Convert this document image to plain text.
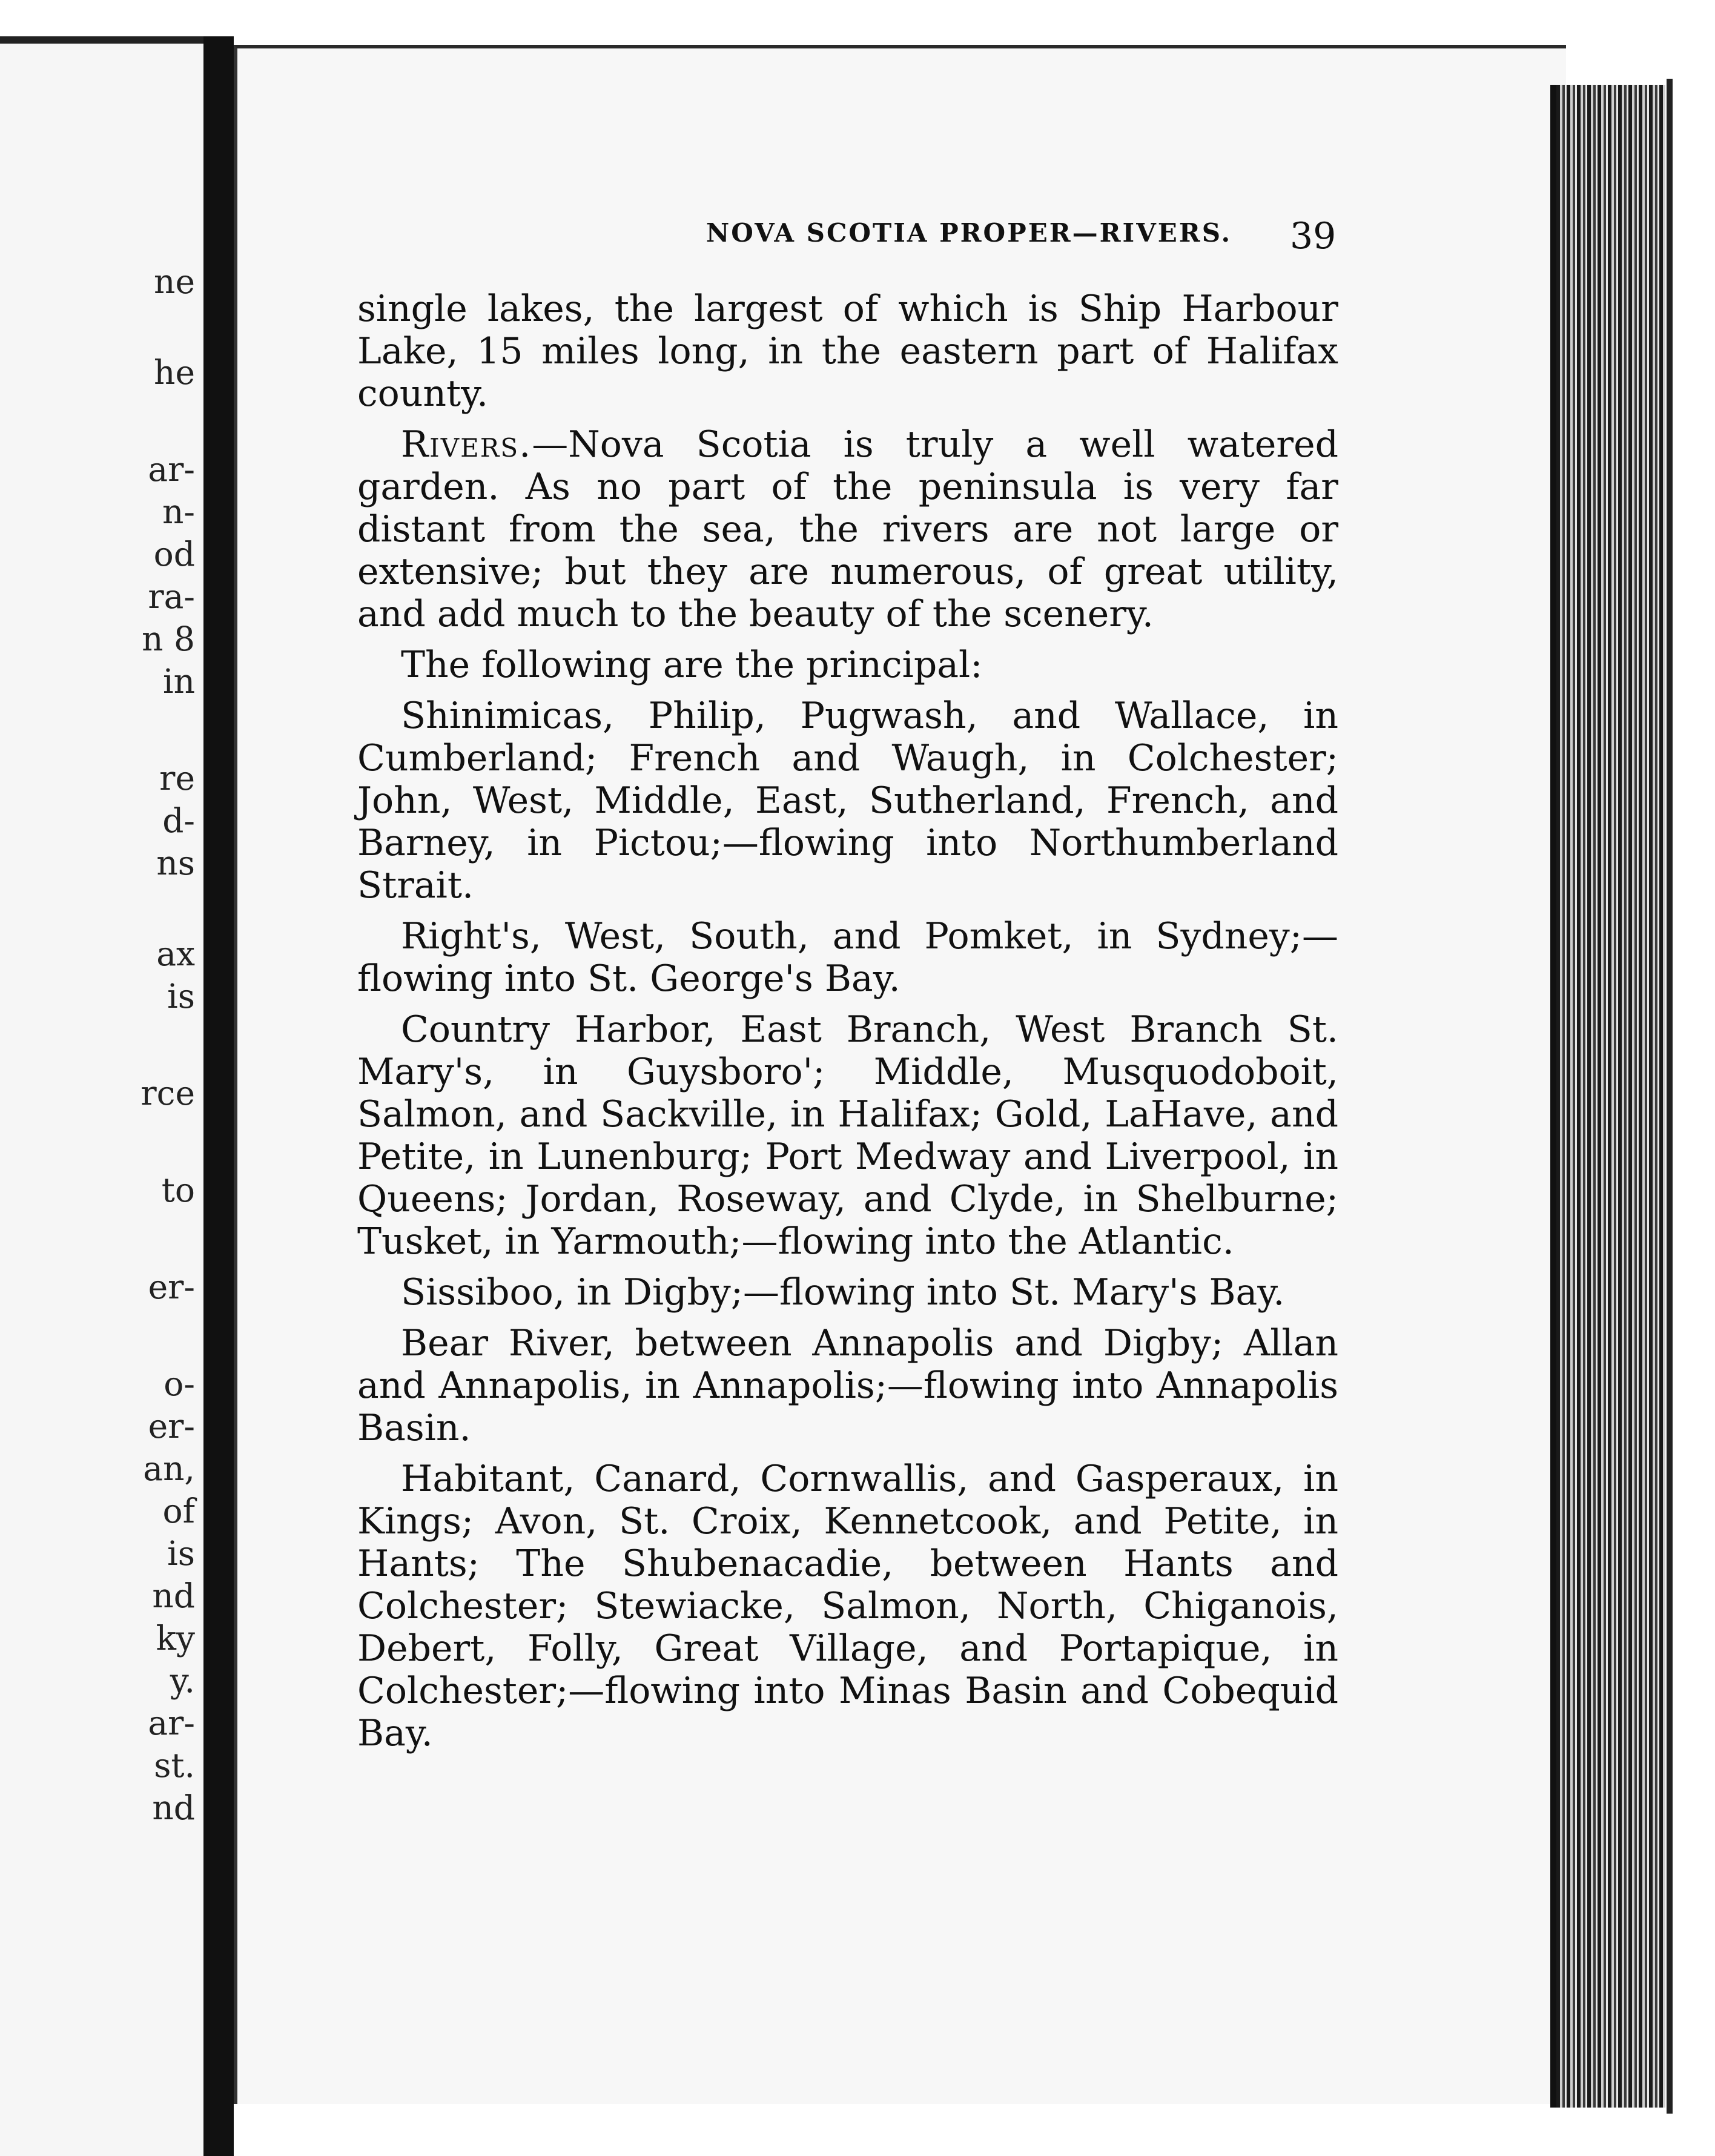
ne
he
ar-
n-
od
ra-
n 8
in
re
d-
ns
ax
is
rce
to
er-
o-
er-
an,
of
is
nd
ky
y.
ar-
st.
nd
NOVA SCOTIA PROPER—RIVERS.	39

single lakes, the largest of which is Ship Harbour Lake, 15 miles long, in the eastern part of Halifax county.

Rivers.—Nova Scotia is truly a well watered garden. As no part of the peninsula is very far distant from the sea, the rivers are not large or extensive; but they are numerous, of great utility, and add much to the beauty of the scenery.

The following are the principal:

Shinimicas, Philip, Pugwash, and Wallace, in Cumberland; French and Waugh, in Colchester; John, West, Middle, East, Sutherland, French, and Barney, in Pictou;—flowing into Northumberland Strait.

Right's, West, South, and Pomket, in Sydney;—flowing into St. George's Bay.

Country Harbor, East Branch, West Branch St. Mary's, in Guysboro'; Middle, Musquodoboit, Salmon, and Sackville, in Halifax; Gold, LaHave, and Petite, in Lunenburg; Port Medway and Liverpool, in Queens; Jordan, Roseway, and Clyde, in Shelburne; Tusket, in Yarmouth;—flowing into the Atlantic.

Sissiboo, in Digby;—flowing into St. Mary's Bay.

Bear River, between Annapolis and Digby; Allan and Annapolis, in Annapolis;—flowing into Annapolis Basin.

Habitant, Canard, Cornwallis, and Gasperaux, in Kings; Avon, St. Croix, Kennetcook, and Petite, in Hants; The Shubenacadie, between Hants and Colchester; Stewiacke, Salmon, North, Chiganois, Debert, Folly, Great Village, and Portapique, in Colchester;—flowing into Minas Basin and Cobequid Bay.
